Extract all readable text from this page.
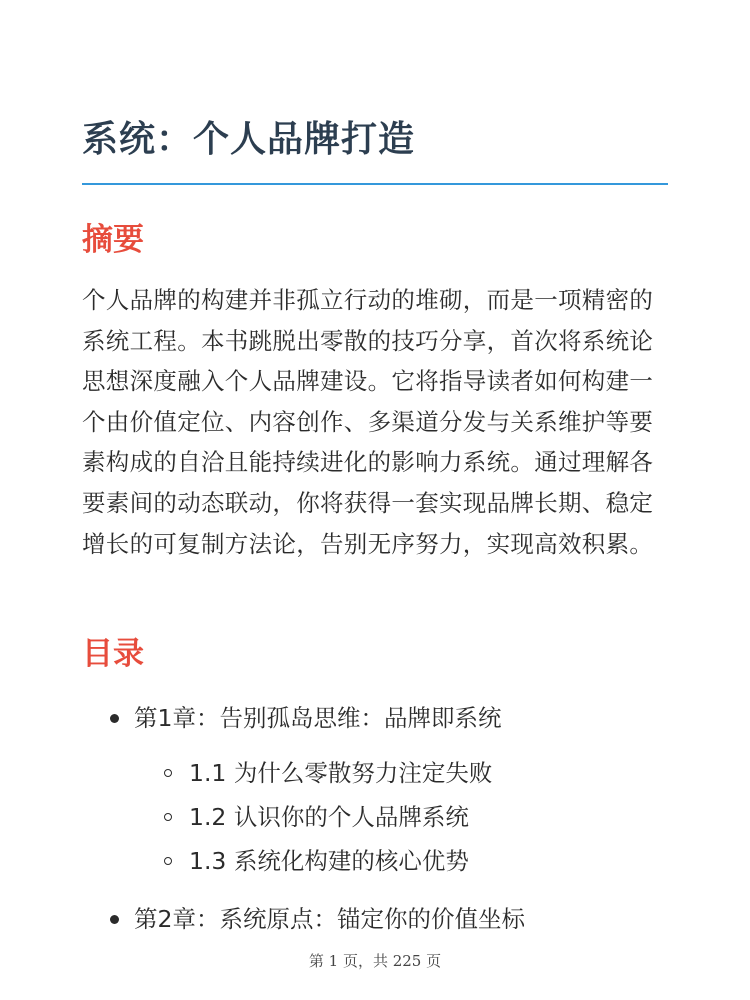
系统：个人品牌打造
摘要

个人品牌的构建并非孤立行动的堆砌，而是一项精密的系统工程。本书跳脱出零散的技巧分享，首次将系统论思想深度融入个人品牌建设。它将指导读者如何构建一个由价值定位、内容创作、多渠道分发与关系维护等要素构成的自洽且能持续进化的影响力系统。通过理解各要素间的动态联动，你将获得一套实现品牌长期、稳定增长的可复制方法论，告别无序努力，实现高效积累。

目录
第1章：告别孤岛思维：品牌即系统
1.1 为什么零散努力注定失败
1.2 认识你的个人品牌系统
1.3 系统化构建的核心优势
第2章：系统原点：锚定你的价值坐标
第 1 页，共 225 页
